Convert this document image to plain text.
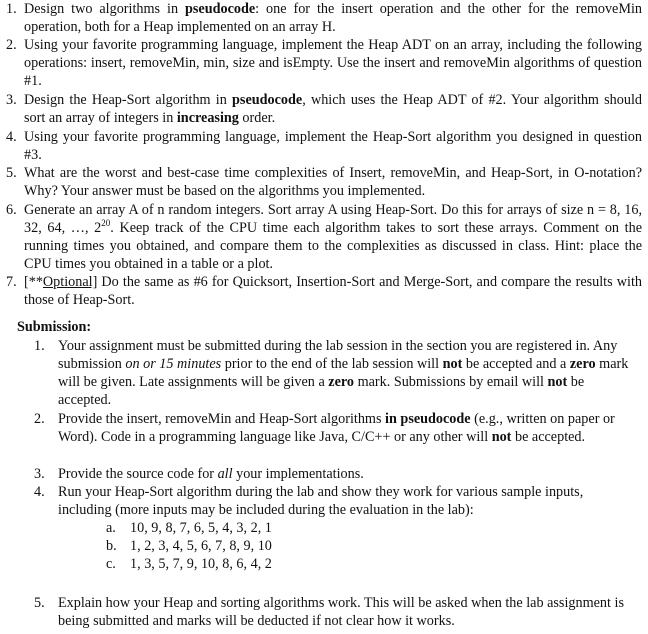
1. Design two algorithms in pseudocode: one for the insert operation and the other for the removeMin operation, both for a Heap implemented on an array H.
2. Using your favorite programming language, implement the Heap ADT on an array, including the following operations: insert, removeMin, min, size and isEmpty. Use the insert and removeMin algorithms of question #1.
3. Design the Heap-Sort algorithm in pseudocode, which uses the Heap ADT of #2. Your algorithm should sort an array of integers in increasing order.
4. Using your favorite programming language, implement the Heap-Sort algorithm you designed in question #3.
5. What are the worst and best-case time complexities of Insert, removeMin, and Heap-Sort, in O-notation? Why? Your answer must be based on the algorithms you implemented.
6. Generate an array A of n random integers. Sort array A using Heap-Sort. Do this for arrays of size n = 8, 16, 32, 64, …, $2^{20}$. Keep track of the CPU time each algorithm takes to sort these arrays. Comment on the running times you obtained, and compare them to the complexities as discussed in class. Hint: place the CPU times you obtained in a table or a plot.
7. [**Optional] Do the same as #6 for Quicksort, Insertion-Sort and Merge-Sort, and compare the results with those of Heap-Sort.
Submission:
1. Your assignment must be submitted during the lab session in the section you are registered in. Any submission on or 15 minutes prior to the end of the lab session will not be accepted and a zero mark will be given. Late assignments will be given a zero mark. Submissions by email will not be accepted.
2. Provide the insert, removeMin and Heap-Sort algorithms in pseudocode (e.g., written on paper or Word). Code in a programming language like Java, C/C++ or any other will not be accepted.
3. Provide the source code for all your implementations.
4. Run your Heap-Sort algorithm during the lab and show they work for various sample inputs, including (more inputs may be included during the evaluation in the lab):
a. 10, 9, 8, 7, 6, 5, 4, 3, 2, 1
b. 1, 2, 3, 4, 5, 6, 7, 8, 9, 10
c. 1, 3, 5, 7, 9, 10, 8, 6, 4, 2
5. Explain how your Heap and sorting algorithms work. This will be asked when the lab assignment is being submitted and marks will be deducted if not clear how it works.
